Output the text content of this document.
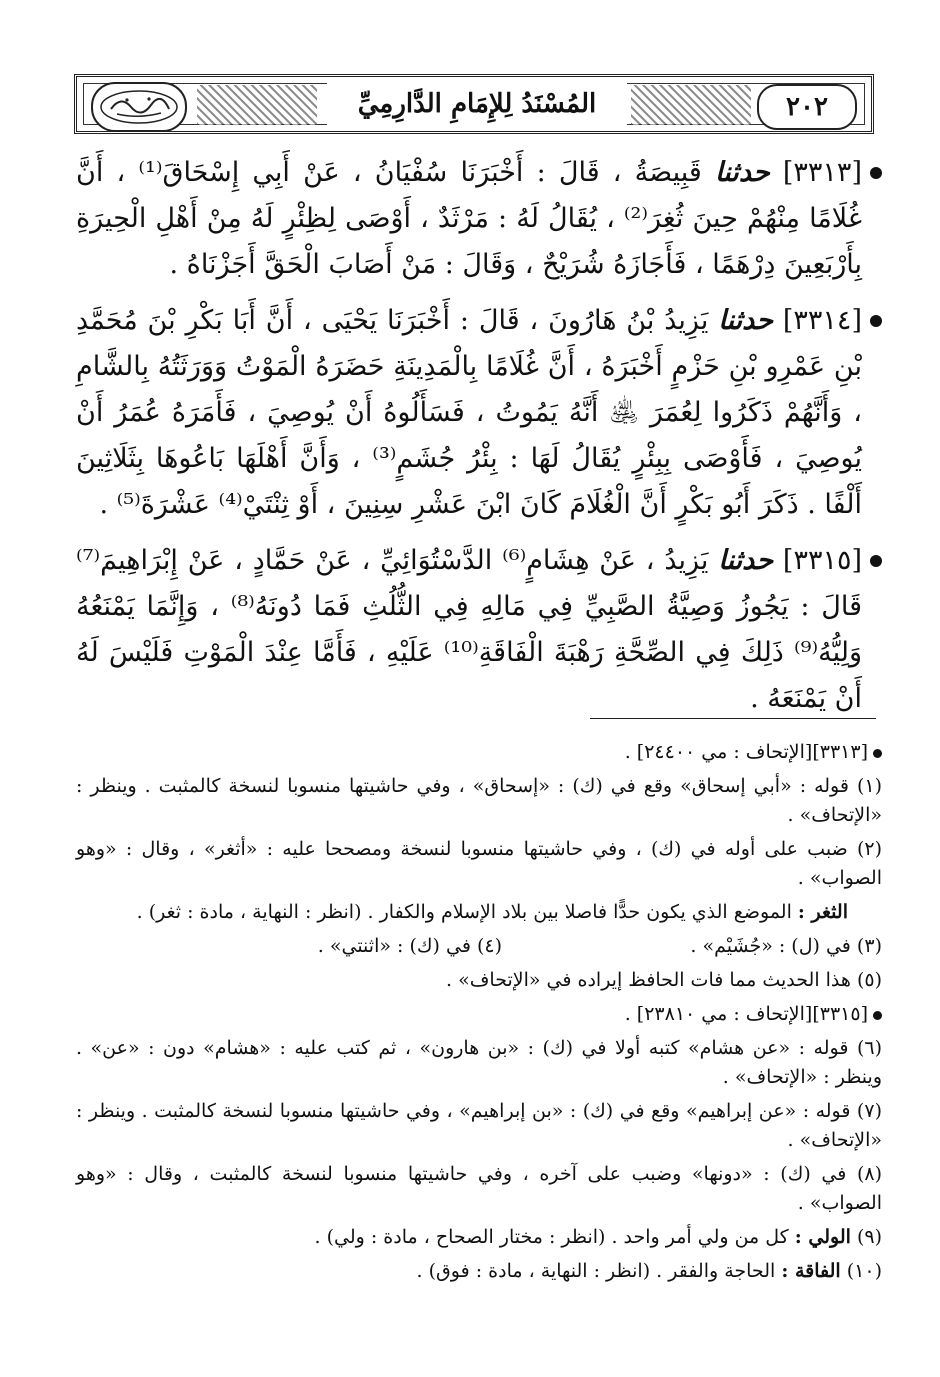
المُسْنَدُ لِلإِمَامِ الدَّارِمِيِّ	٢٠٢

[٣٣١٣] حدثنا قَبِيصَةُ ، قَالَ : أَخْبَرَنَا سُفْيَانُ ، عَنْ أَبِي إِسْحَاقَ⁽¹⁾ ، أَنَّ غُلَامًا مِنْهُمْ حِينَ ثُغِرَ⁽²⁾ ، يُقَالُ لَهُ : مَرْثَدٌ ، أَوْصَى لِظِئْرٍ لَهُ مِنْ أَهْلِ الْحِيرَةِ بِأَرْبَعِينَ دِرْهَمًا ، فَأَجَازَهُ شُرَيْحٌ ، وَقَالَ : مَنْ أَصَابَ الْحَقَّ أَجَزْنَاهُ .

[٣٣١٤] حدثنا يَزِيدُ بْنُ هَارُونَ ، قَالَ : أَخْبَرَنَا يَحْيَى ، أَنَّ أَبَا بَكْرِ بْنَ مُحَمَّدِ بْنِ عَمْرِو بْنِ حَزْمٍ أَخْبَرَهُ ، أَنَّ غُلَامًا بِالْمَدِينَةِ حَضَرَهُ الْمَوْتُ وَوَرَثَتُهُ بِالشَّامِ ، وَأَنَّهُمْ ذَكَرُوا لِعُمَرَ ﵁ أَنَّهُ يَمُوتُ ، فَسَأَلُوهُ أَنْ يُوصِيَ ، فَأَمَرَهُ عُمَرُ أَنْ يُوصِيَ ، فَأَوْصَى بِبِئْرٍ يُقَالُ لَهَا : بِئْرُ جُشَمٍ⁽³⁾ ، وَأَنَّ أَهْلَهَا بَاعُوهَا بِثَلَاثِينَ أَلْفًا . ذَكَرَ أَبُو بَكْرٍ أَنَّ الْغُلَامَ كَانَ ابْنَ عَشْرِ سِنِينَ ، أَوْ ثِنْتَيْ⁽⁴⁾ عَشْرَةَ⁽⁵⁾ .

[٣٣١٥] حدثنا يَزِيدُ ، عَنْ هِشَامٍ⁽⁶⁾ الدَّسْتُوَائِيِّ ، عَنْ حَمَّادٍ ، عَنْ إِبْرَاهِيمَ⁽⁷⁾ قَالَ : يَجُوزُ وَصِيَّةُ الصَّبِيِّ فِي مَالِهِ فِي الثُّلُثِ فَمَا دُونَهُ⁽⁸⁾ ، وَإِنَّمَا يَمْنَعُهُ وَلِيُّهُ⁽⁹⁾ ذَلِكَ فِي الصِّحَّةِ رَهْبَةَ الْفَاقَةِ⁽¹⁰⁾ عَلَيْهِ ، فَأَمَّا عِنْدَ الْمَوْتِ فَلَيْسَ لَهُ أَنْ يَمْنَعَهُ .

[٣٣١٣][الإتحاف : مي ٢٤٤٠٠] .

(١) قوله : «أبي إسحاق» وقع في (ك) : «إسحاق» ، وفي حاشيتها منسوبا لنسخة كالمثبت . وينظر : «الإتحاف» .

(٢) ضبب على أوله في (ك) ، وفي حاشيتها منسوبا لنسخة ومصححا عليه : «أثغر» ، وقال : «وهو الصواب» .

الثغر : الموضع الذي يكون حدًّا فاصلا بين بلاد الإسلام والكفار . (انظر : النهاية ، مادة : ثغر) .

(٣) في (ل) : «جُشَيْم» .
(٤) في (ك) : «اثنتي» .

(٥) هذا الحديث مما فات الحافظ إيراده في «الإتحاف» .

[٣٣١٥][الإتحاف : مي ٢٣٨١٠] .

(٦) قوله : «عن هشام» كتبه أولا في (ك) : «بن هارون» ، ثم كتب عليه : «هشام» دون : «عن» . وينظر : «الإتحاف» .

(٧) قوله : «عن إبراهيم» وقع في (ك) : «بن إبراهيم» ، وفي حاشيتها منسوبا لنسخة كالمثبت . وينظر : «الإتحاف» .

(٨) في (ك) : «دونها» وضبب على آخره ، وفي حاشيتها منسوبا لنسخة كالمثبت ، وقال : «وهو الصواب» .

(٩) الولي : كل من ولي أمر واحد . (انظر : مختار الصحاح ، مادة : ولي) .

(١٠) الفاقة : الحاجة والفقر . (انظر : النهاية ، مادة : فوق) .
